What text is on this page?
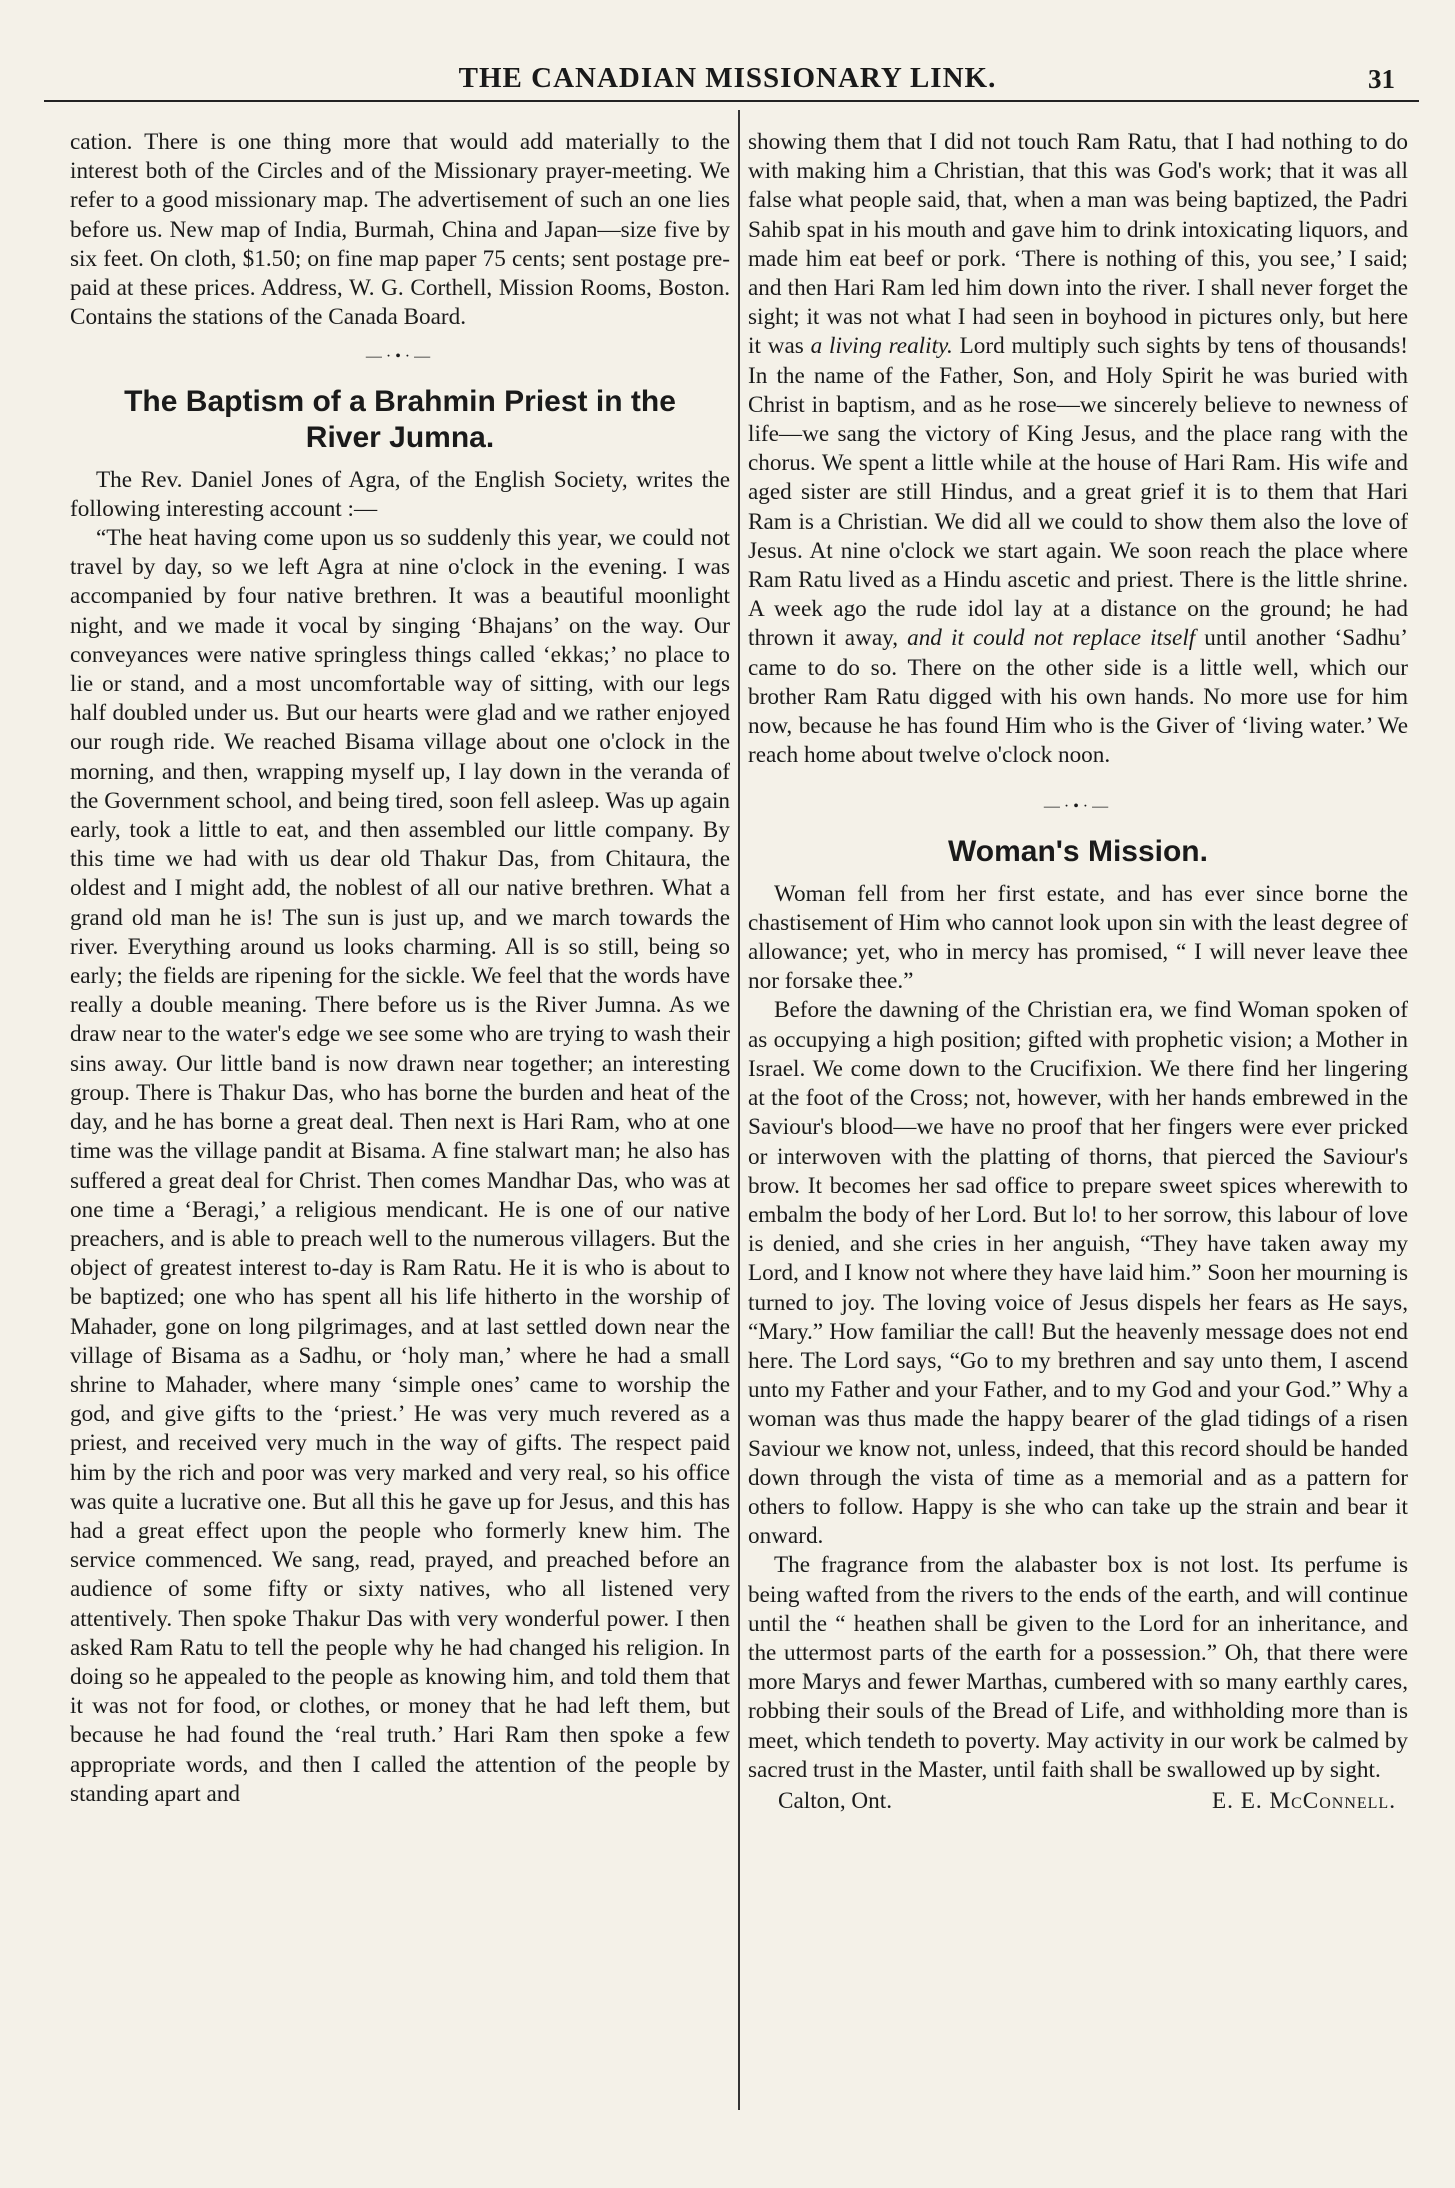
THE CANADIAN MISSIONARY LINK.	31

cation. There is one thing more that would add materially to the interest both of the Circles and of the Missionary prayer-meeting. We refer to a good missionary map. The advertisement of such an one lies before us. New map of India, Burmah, China and Japan—size five by six feet. On cloth, $1.50; on fine map paper 75 cents; sent postage pre-paid at these prices. Address, W. G. Corthell, Mission Rooms, Boston. Contains the stations of the Canada Board.

—·•·—
The Baptism of a Brahmin Priest in the
River Jumna.

The Rev. Daniel Jones of Agra, of the English Society, writes the following interesting account :—

“The heat having come upon us so suddenly this year, we could not travel by day, so we left Agra at nine o'clock in the evening. I was accompanied by four native brethren. It was a beautiful moonlight night, and we made it vocal by singing ‘Bhajans’ on the way. Our conveyances were native springless things called ‘ekkas;’ no place to lie or stand, and a most uncomfortable way of sitting, with our legs half doubled under us. But our hearts were glad and we rather enjoyed our rough ride. We reached Bisama village about one o'clock in the morning, and then, wrapping myself up, I lay down in the veranda of the Government school, and being tired, soon fell asleep. Was up again early, took a little to eat, and then assembled our little company. By this time we had with us dear old Thakur Das, from Chitaura, the oldest and I might add, the noblest of all our native brethren. What a grand old man he is! The sun is just up, and we march towards the river. Everything around us looks charming. All is so still, being so early; the fields are ripening for the sickle. We feel that the words have really a double meaning. There before us is the River Jumna. As we draw near to the water's edge we see some who are trying to wash their sins away. Our little band is now drawn near together; an interesting group. There is Thakur Das, who has borne the burden and heat of the day, and he has borne a great deal. Then next is Hari Ram, who at one time was the village pandit at Bisama. A fine stalwart man; he also has suffered a great deal for Christ. Then comes Mandhar Das, who was at one time a ‘Beragi,’ a religious mendicant. He is one of our native preachers, and is able to preach well to the numerous villagers. But the object of greatest interest to-day is Ram Ratu. He it is who is about to be baptized; one who has spent all his life hitherto in the worship of Mahader, gone on long pilgrimages, and at last settled down near the village of Bisama as a Sadhu, or ‘holy man,’ where he had a small shrine to Mahader, where many ‘simple ones’ came to worship the god, and give gifts to the ‘priest.’ He was very much revered as a priest, and received very much in the way of gifts. The respect paid him by the rich and poor was very marked and very real, so his office was quite a lucrative one. But all this he gave up for Jesus, and this has had a great effect upon the people who formerly knew him. The service commenced. We sang, read, prayed, and preached before an audience of some fifty or sixty natives, who all listened very attentively. Then spoke Thakur Das with very wonderful power. I then asked Ram Ratu to tell the people why he had changed his religion. In doing so he appealed to the people as knowing him, and told them that it was not for food, or clothes, or money that he had left them, but because he had found the ‘real truth.’ Hari Ram then spoke a few appropriate words, and then I called the attention of the people by standing apart and

showing them that I did not touch Ram Ratu, that I had nothing to do with making him a Christian, that this was God's work; that it was all false what people said, that, when a man was being baptized, the Padri Sahib spat in his mouth and gave him to drink intoxicating liquors, and made him eat beef or pork. ‘There is nothing of this, you see,’ I said; and then Hari Ram led him down into the river. I shall never forget the sight; it was not what I had seen in boyhood in pictures only, but here it was a living reality. Lord multiply such sights by tens of thousands! In the name of the Father, Son, and Holy Spirit he was buried with Christ in baptism, and as he rose—we sincerely believe to newness of life—we sang the victory of King Jesus, and the place rang with the chorus. We spent a little while at the house of Hari Ram. His wife and aged sister are still Hindus, and a great grief it is to them that Hari Ram is a Christian. We did all we could to show them also the love of Jesus. At nine o'clock we start again. We soon reach the place where Ram Ratu lived as a Hindu ascetic and priest. There is the little shrine. A week ago the rude idol lay at a distance on the ground; he had thrown it away, and it could not replace itself until another ‘Sadhu’ came to do so. There on the other side is a little well, which our brother Ram Ratu digged with his own hands. No more use for him now, because he has found Him who is the Giver of ‘living water.’ We reach home about twelve o'clock noon.

—·•·—
Woman's Mission.

Woman fell from her first estate, and has ever since borne the chastisement of Him who cannot look upon sin with the least degree of allowance; yet, who in mercy has promised, “ I will never leave thee nor forsake thee.”

Before the dawning of the Christian era, we find Woman spoken of as occupying a high position; gifted with prophetic vision; a Mother in Israel. We come down to the Crucifixion. We there find her lingering at the foot of the Cross; not, however, with her hands embrewed in the Saviour's blood—we have no proof that her fingers were ever pricked or interwoven with the platting of thorns, that pierced the Saviour's brow. It becomes her sad office to prepare sweet spices wherewith to embalm the body of her Lord. But lo! to her sorrow, this labour of love is denied, and she cries in her anguish, “They have taken away my Lord, and I know not where they have laid him.” Soon her mourning is turned to joy. The loving voice of Jesus dispels her fears as He says, “Mary.” How familiar the call! But the heavenly message does not end here. The Lord says, “Go to my brethren and say unto them, I ascend unto my Father and your Father, and to my God and your God.” Why a woman was thus made the happy bearer of the glad tidings of a risen Saviour we know not, unless, indeed, that this record should be handed down through the vista of time as a memorial and as a pattern for others to follow. Happy is she who can take up the strain and bear it onward.

The fragrance from the alabaster box is not lost. Its perfume is being wafted from the rivers to the ends of the earth, and will continue until the “ heathen shall be given to the Lord for an inheritance, and the uttermost parts of the earth for a possession.” Oh, that there were more Marys and fewer Marthas, cumbered with so many earthly cares, robbing their souls of the Bread of Life, and withholding more than is meet, which tendeth to poverty. May activity in our work be calmed by sacred trust in the Master, until faith shall be swallowed up by sight.

Calton, Ont.	E. E. McConnell.
